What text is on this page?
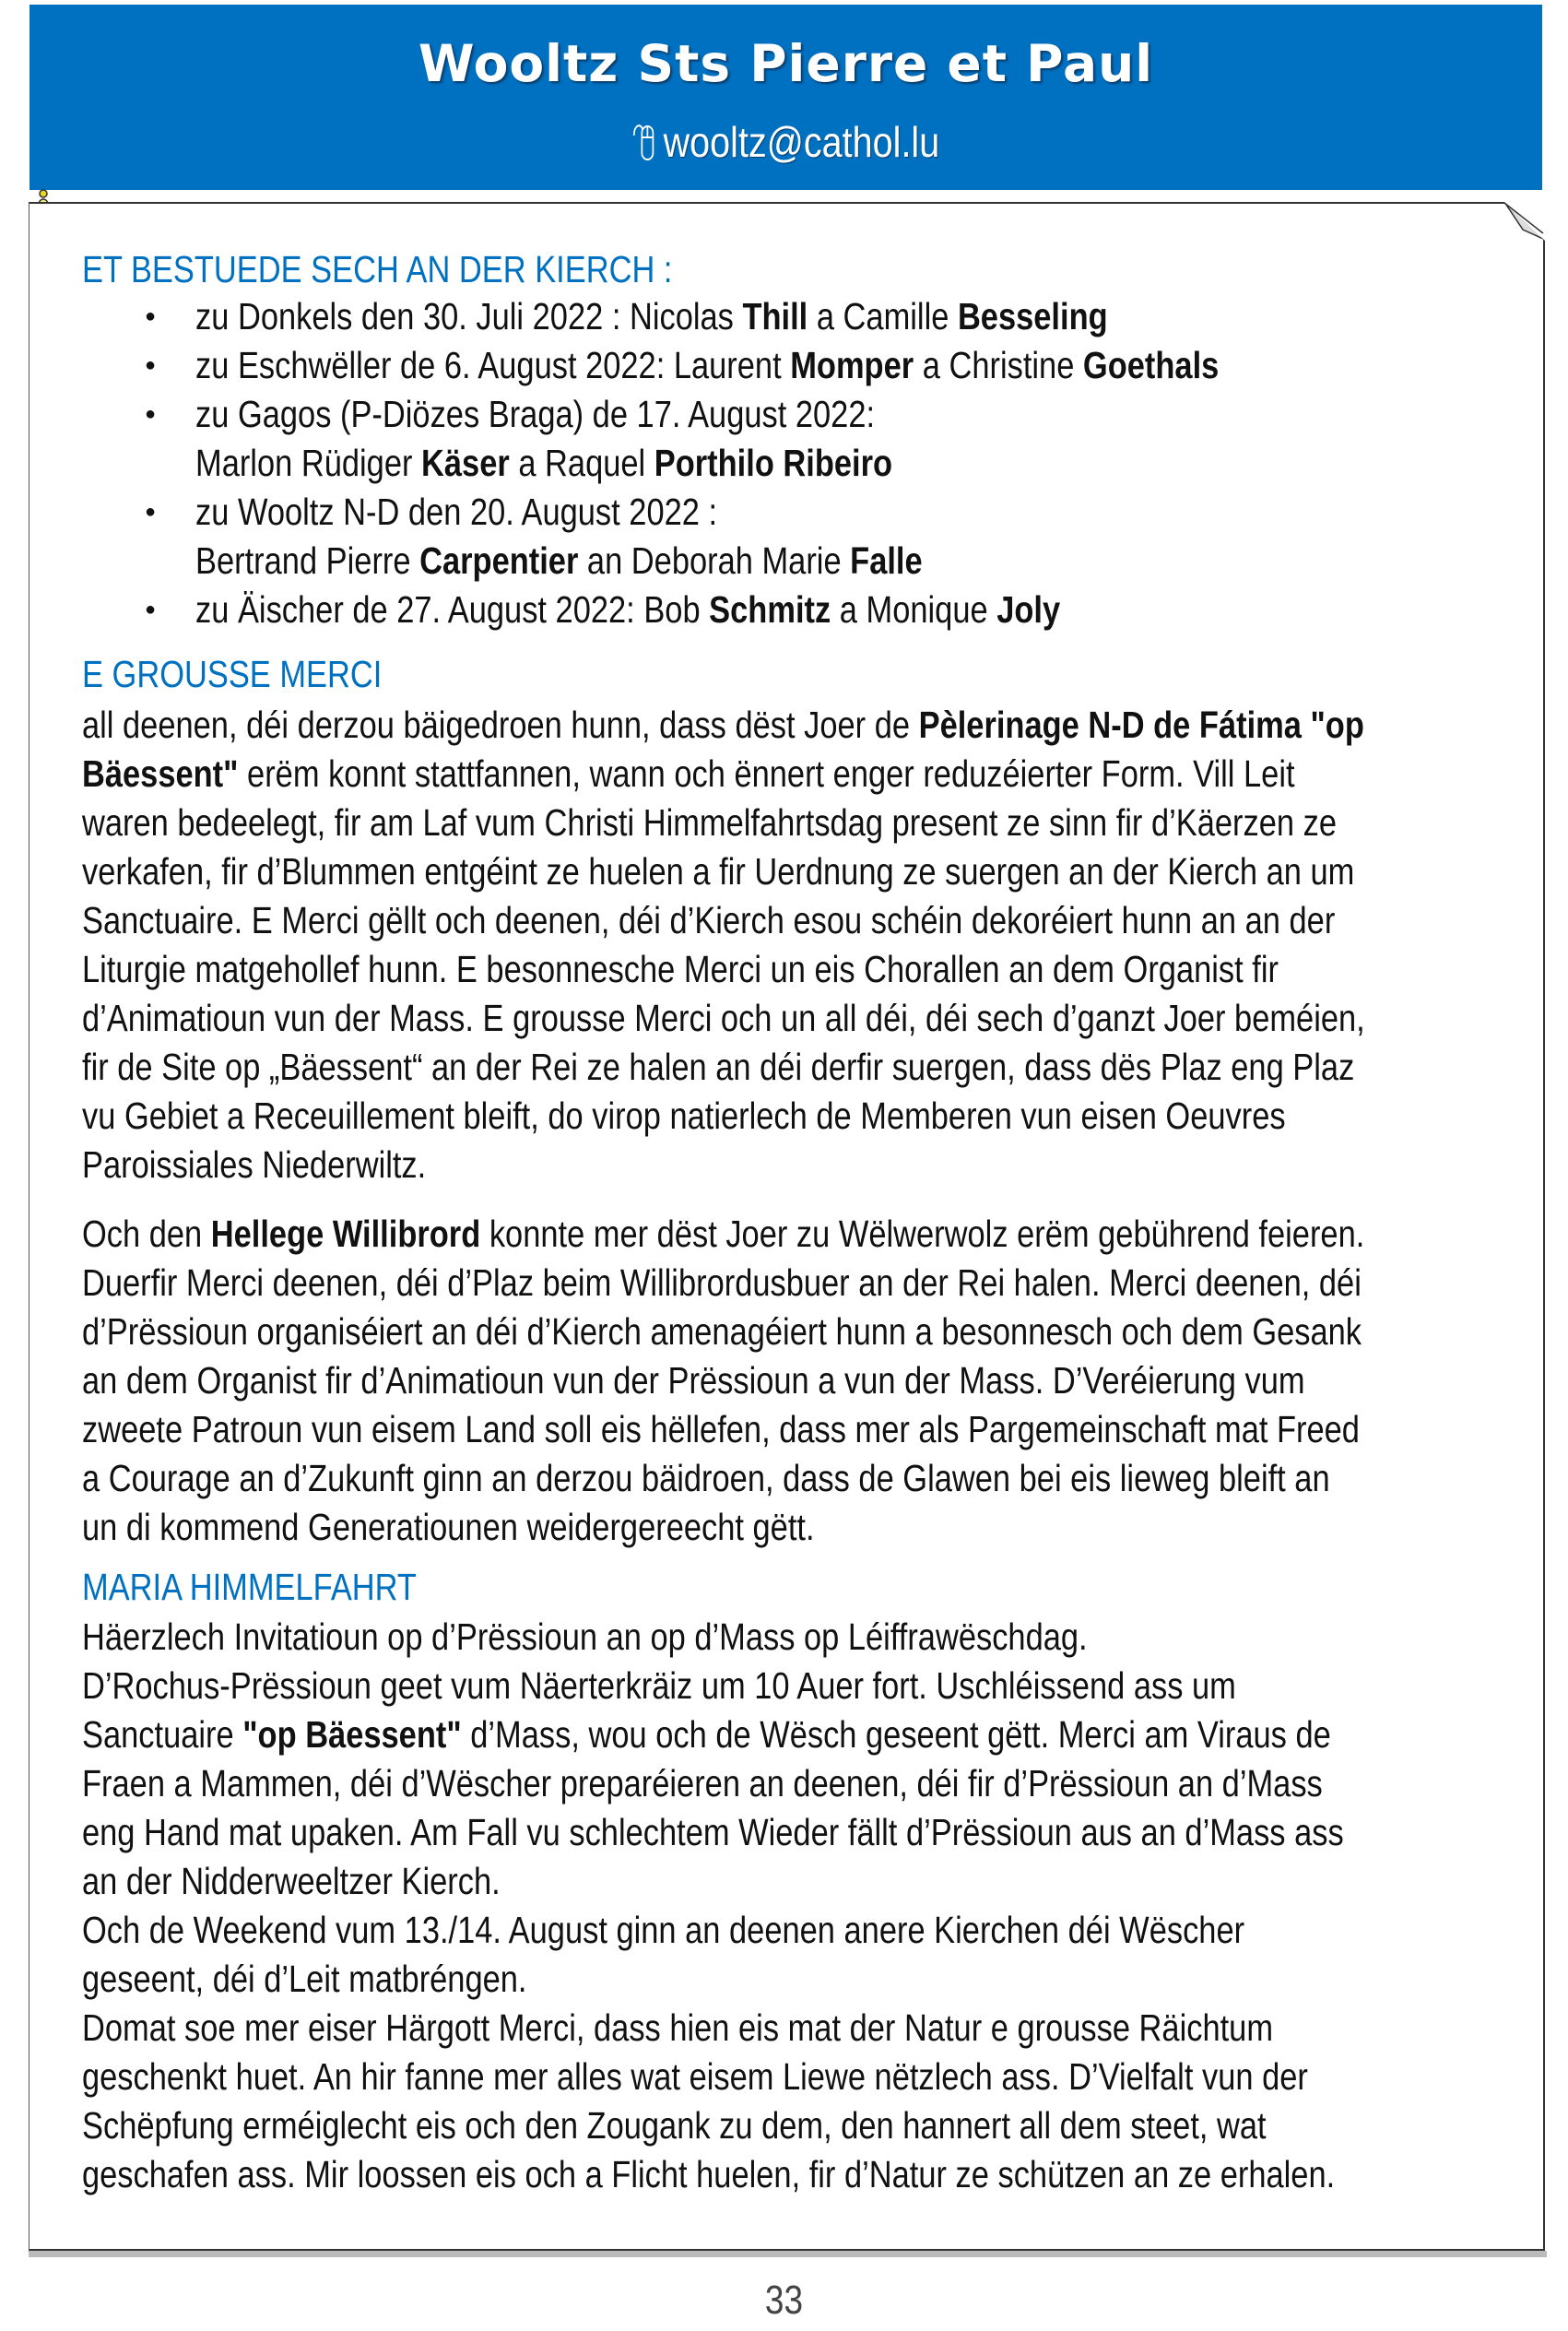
Wooltz Sts Pierre et Paul
wooltz@cathol.lu
ET BESTUEDE SECH AN DER KIERCH :
zu Donkels den 30. Juli 2022 : Nicolas Thill a Camille Besseling
●
zu Eschwëller de 6. August 2022: Laurent Momper a Christine Goethals
●
zu Gagos (P-Diözes Braga) de 17. August 2022:
●
Marlon Rüdiger Käser a Raquel Porthilo Ribeiro
zu Wooltz N-D den 20. August 2022 :
●
Bertrand Pierre Carpentier an Deborah Marie Falle
zu Äischer de 27. August 2022: Bob Schmitz a Monique Joly
●
E GROUSSE MERCI
all deenen, déi derzou bäigedroen hunn, dass dëst Joer de Pèlerinage N-D de Fátima "op
Bäessent" erëm konnt stattfannen, wann och ënnert enger reduzéierter Form. Vill Leit
waren bedeelegt, fir am Laf vum Christi Himmelfahrtsdag present ze sinn fir d’Käerzen ze
verkafen, fir d’Blummen entgéint ze huelen a fir Uerdnung ze suergen an der Kierch an um
Sanctuaire. E Merci gëllt och deenen, déi d’Kierch esou schéin dekoréiert hunn an an der
Liturgie matgehollef hunn. E besonnesche Merci un eis Chorallen an dem Organist fir
d’Animatioun vun der Mass. E grousse Merci och un all déi, déi sech d’ganzt Joer beméien,
fir de Site op „Bäessent“ an der Rei ze halen an déi derfir suergen, dass dës Plaz eng Plaz
vu Gebiet a Receuillement bleift, do virop natierlech de Memberen vun eisen Oeuvres
Paroissiales Niederwiltz.
Och den Hellege Willibrord konnte mer dëst Joer zu Wëlwerwolz erëm gebührend feieren.
Duerfir Merci deenen, déi d’Plaz beim Willibrordusbuer an der Rei halen. Merci deenen, déi
d’Prëssioun organiséiert an déi d’Kierch amenagéiert hunn a besonnesch och dem Gesank
an dem Organist fir d’Animatioun vun der Prëssioun a vun der Mass. D’Veréierung vum
zweete Patroun vun eisem Land soll eis hëllefen, dass mer als Pargemeinschaft mat Freed
a Courage an d’Zukunft ginn an derzou bäidroen, dass de Glawen bei eis lieweg bleift an
un di kommend Generatiounen weidergereecht gëtt.
MARIA HIMMELFAHRT
Häerzlech Invitatioun op d’Prëssioun an op d’Mass op Léiffrawëschdag.
D’Rochus-Prëssioun geet vum Näerterkräiz um 10 Auer fort. Uschléissend ass um
Sanctuaire "op Bäessent" d’Mass, wou och de Wësch geseent gëtt. Merci am Viraus de
Fraen a Mammen, déi d’Wëscher preparéieren an deenen, déi fir d’Prëssioun an d’Mass
eng Hand mat upaken. Am Fall vu schlechtem Wieder fällt d’Prëssioun aus an d’Mass ass
an der Nidderweeltzer Kierch.
Och de Weekend vum 13./14. August ginn an deenen anere Kierchen déi Wëscher
geseent, déi d’Leit matbréngen.
Domat soe mer eiser Härgott Merci, dass hien eis mat der Natur e grousse Räichtum
geschenkt huet. An hir fanne mer alles wat eisem Liewe nëtzlech ass. D’Vielfalt vun der
Schëpfung erméiglecht eis och den Zougank zu dem, den hannert all dem steet, wat
geschafen ass. Mir loossen eis och a Flicht huelen, fir d’Natur ze schützen an ze erhalen.
33
